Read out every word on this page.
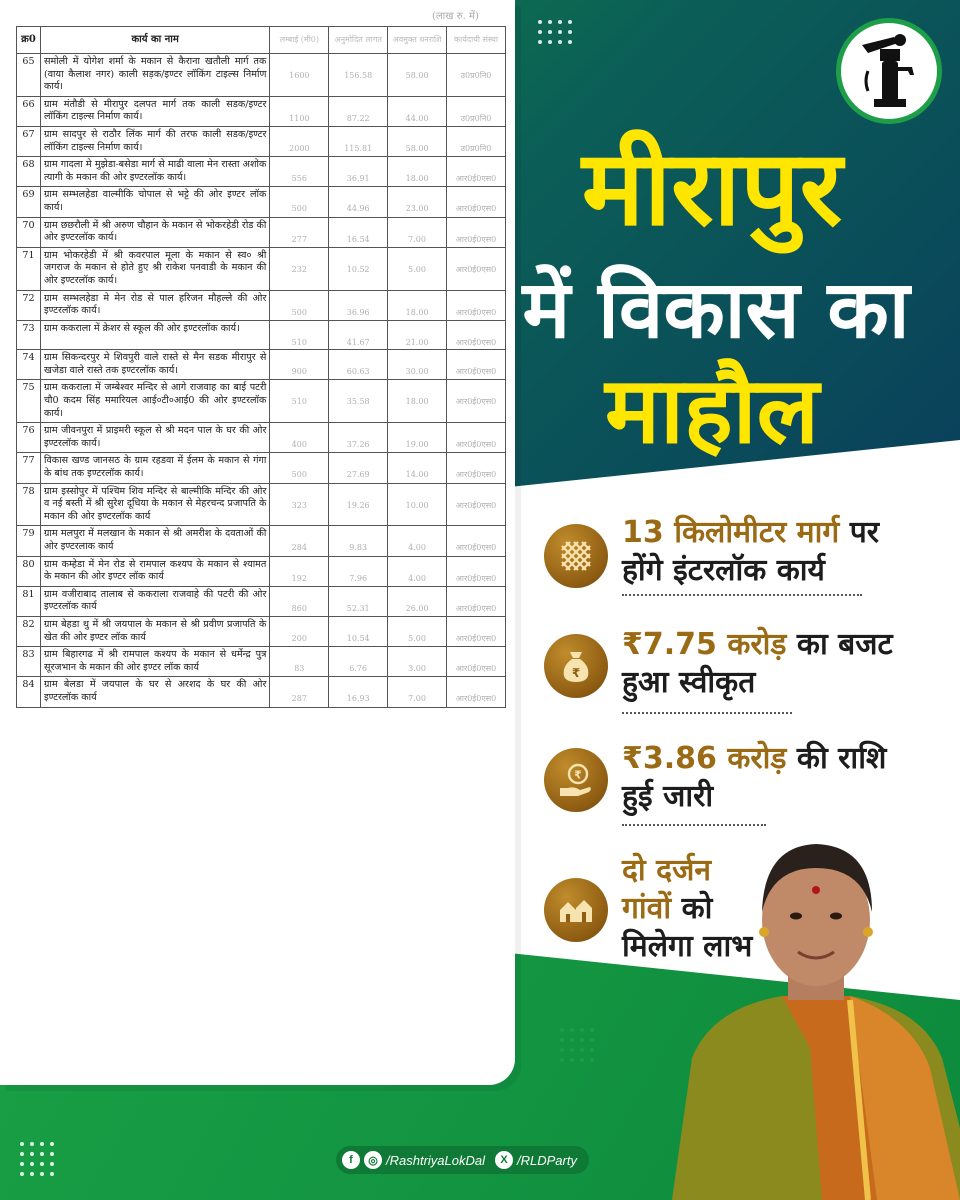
(लाख रु. में)
क्र0	कार्य का नाम	लम्बाई (मी0)	अनुमोदित लागत	अवमुक्त धनराशि	कार्यदायी संस्था
65	समोली में योगेश शर्मा के मकान से कैराना खतौली मार्ग तक (वाया कैलाश नगर) काली सड़क/इण्टर लॉकिंग टाइल्स निर्माण कार्य।	1600	156.58	58.00	उ0प्र0नि0
66	ग्राम मंतौडी से मीरापुर दलपत मार्ग तक काली सडक/इण्टर लॉकिंग टाइल्स निर्माण कार्य।	1100	87.22	44.00	उ0प्र0नि0
67	ग्राम सादपुर से राठौर लिंक मार्ग की तरफ काली सडक/इण्टर लॉकिंग टाइल्स निर्माण कार्य।	2000	115.81	58.00	उ0प्र0नि0
68	ग्राम गादला मे मुझेडा-बसेडा मार्ग से माढी वाला मेन रास्ता अशोक त्यागी के मकान की ओर इण्टरलॉक कार्य।	556	36.91	18.00	आर0ई0एस0
69	ग्राम सम्भलहेडा वाल्मीकि चोपाल से भट्टे की ओर इण्टर लॉक कार्य।	500	44.96	23.00	आर0ई0एस0
70	ग्राम छछरौली में श्री अरुण चौहान के मकान से भोकरहेडी रोड की ओर इण्टरलॉक कार्य।	277	16.54	7.00	आर0ई0एस0
71	ग्राम भोकरहेडी में श्री कवरपाल मूला के मकान से स्व० श्री जगराज के मकान से होते हुए श्री राकेश पनवाडी के मकान की ओर इण्टरलॉक कार्य।	232	10.52	5.00	आर0ई0एस0
72	ग्राम सम्भलहेडा मे मेन रोड से पाल हरिजन मौहल्ले की ओर इण्टरलॉक कार्य।	500	36.96	18.00	आर0ई0एस0
73	ग्राम ककराला में क्रेशर से स्कूल की ओर इण्टरलॉक कार्य।	510	41.67	21.00	आर0ई0एस0
74	ग्राम सिकन्दरपुर मे शिवपुरी वाले रास्ते से मैन सडक मीरापुर से खजेडा वाले रास्ते तक इण्टरलॉक कार्य।	900	60.63	30.00	आर0ई0एस0
75	ग्राम ककराला में जम्बेश्वर मन्दिर से आगे राजवाह का बाई पटरी चौ0 कदम सिंह ममारियल आई०टी०आई0 की ओर इण्टरलॉक कार्य।	510	35.58	18.00	आर0ई0एस0
76	ग्राम जीवनपुरा में प्राइमरी स्कूल से श्री मदन पाल के घर की ओर इण्टरलॉक कार्य।	400	37.26	19.00	आर0ई0एस0
77	विकास खण्ड जानसठ के ग्राम रहडवा में ईलम के मकान से गंगा के बांध तक इण्टरलॉक कार्य।	500	27.69	14.00	आर0ई0एस0
78	ग्राम इस्सोपुर में पश्चिम शिव मन्दिर से बाल्मीकि मन्दिर की ओर व नई बस्ती में श्री सुरेश दूधिया के मकान से मेहरचन्द प्रजापति के मकान की ओर इण्टरलॉक कार्य	323	19.26	10.00	आर0ई0एस0
79	ग्राम मलपुरा में मलखान के मकान से श्री अमरीश के दवताओं की ओर इण्टरलाक कार्य	284	9.83	4.00	आर0ई0एस0
80	ग्राम कम्हेडा में मेन रोड से रामपाल कश्यप के मकान से श्यामत के मकान की ओर इण्टर लॉक कार्य	192	7.96	4.00	आर0ई0एस0
81	ग्राम वजीराबाद तालाब से ककराला राजवाहे की पटरी की ओर इण्टरलॉक कार्य	860	52.31	26.00	आर0ई0एस0
82	ग्राम बेहडा थु में श्री जयपाल के मकान से श्री प्रवीण प्रजापति के खेत की ओर इण्टर लॉक कार्य	200	10.54	5.00	आर0ई0एस0
83	ग्राम बिहारगढ में श्री रामपाल कश्यप के मकान से धर्मेन्द्र पुत्र सूरजभान के मकान की ओर इण्टर लॉक कार्य	83	6.76	3.00	आर0ई0एस0
84	ग्राम बेलडा में जयपाल के घर से अरशद के घर की ओर इण्टरलॉक कार्य	287	16.93	7.00	आर0ई0एस0
मीरापुर
में विकास का
माहौल
13 किलोमीटर मार्ग पर
होंगे इंटरलॉक कार्य
₹
₹7.75 करोड़ का बजट
हुआ स्वीकृत
₹ ₹3.86 करोड़ की राशि
हुई जारी
दो दर्जन
गांवों को
मिलेगा लाभ
f	◎ /RashtriyaLokDal	X /RLDParty
